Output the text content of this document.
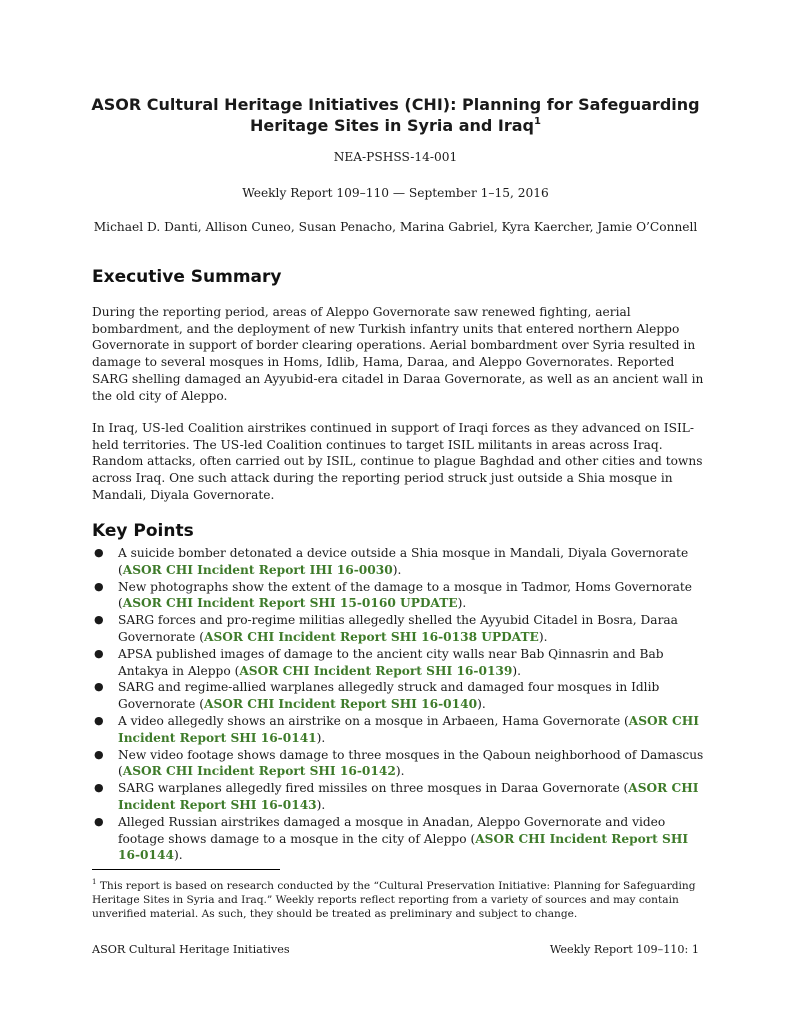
ASOR Cultural Heritage Initiatives (CHI): Planning for Safeguarding
Heritage Sites in Syria and Iraq$^1$
NEA-PSHSS-14-001
Weekly Report 109–110 — September 1–15, 2016
Michael D. Danti, Allison Cuneo, Susan Penacho, Marina Gabriel, Kyra Kaercher, Jamie O’Connell
Executive Summary
During the reporting period, areas of Aleppo Governorate saw renewed fighting, aerial bombardment, and the deployment of new Turkish infantry units that entered northern Aleppo Governorate in support of border clearing operations. Aerial bombardment over Syria resulted in damage to several mosques in Homs, Idlib, Hama, Daraa, and Aleppo Governorates. Reported SARG shelling damaged an Ayyubid-era citadel in Daraa Governorate, as well as an ancient wall in the old city of Aleppo.
In Iraq, US-led Coalition airstrikes continued in support of Iraqi forces as they advanced on ISIL-held territories. The US-led Coalition continues to target ISIL militants in areas across Iraq. Random attacks, often carried out by ISIL, continue to plague Baghdad and other cities and towns across Iraq. One such attack during the reporting period struck just outside a Shia mosque in Mandali, Diyala Governorate.
Key Points
● A suicide bomber detonated a device outside a Shia mosque in Mandali, Diyala Governorate (ASOR CHI Incident Report IHI 16-0030).
● New photographs show the extent of the damage to a mosque in Tadmor, Homs Governorate (ASOR CHI Incident Report SHI 15-0160 UPDATE).
● SARG forces and pro-regime militias allegedly shelled the Ayyubid Citadel in Bosra, Daraa Governorate (ASOR CHI Incident Report SHI 16-0138 UPDATE).
● APSA published images of damage to the ancient city walls near Bab Qinnasrin and Bab Antakya in Aleppo (ASOR CHI Incident Report SHI 16-0139).
● SARG and regime-allied warplanes allegedly struck and damaged four mosques in Idlib Governorate (ASOR CHI Incident Report SHI 16-0140).
● A video allegedly shows an airstrike on a mosque in Arbaeen, Hama Governorate (ASOR CHI Incident Report SHI 16-0141).
● New video footage shows damage to three mosques in the Qaboun neighborhood of Damascus (ASOR CHI Incident Report SHI 16-0142).
● SARG warplanes allegedly fired missiles on three mosques in Daraa Governorate (ASOR CHI Incident Report SHI 16-0143).
● Alleged Russian airstrikes damaged a mosque in Anadan, Aleppo Governorate and video footage shows damage to a mosque in the city of Aleppo (ASOR CHI Incident Report SHI 16-0144).
$^1$ This report is based on research conducted by the “Cultural Preservation Initiative: Planning for Safeguarding Heritage Sites in Syria and Iraq.” Weekly reports reflect reporting from a variety of sources and may contain unverified material. As such, they should be treated as preliminary and subject to change.
ASOR Cultural Heritage Initiatives	Weekly Report 109–110: 1
